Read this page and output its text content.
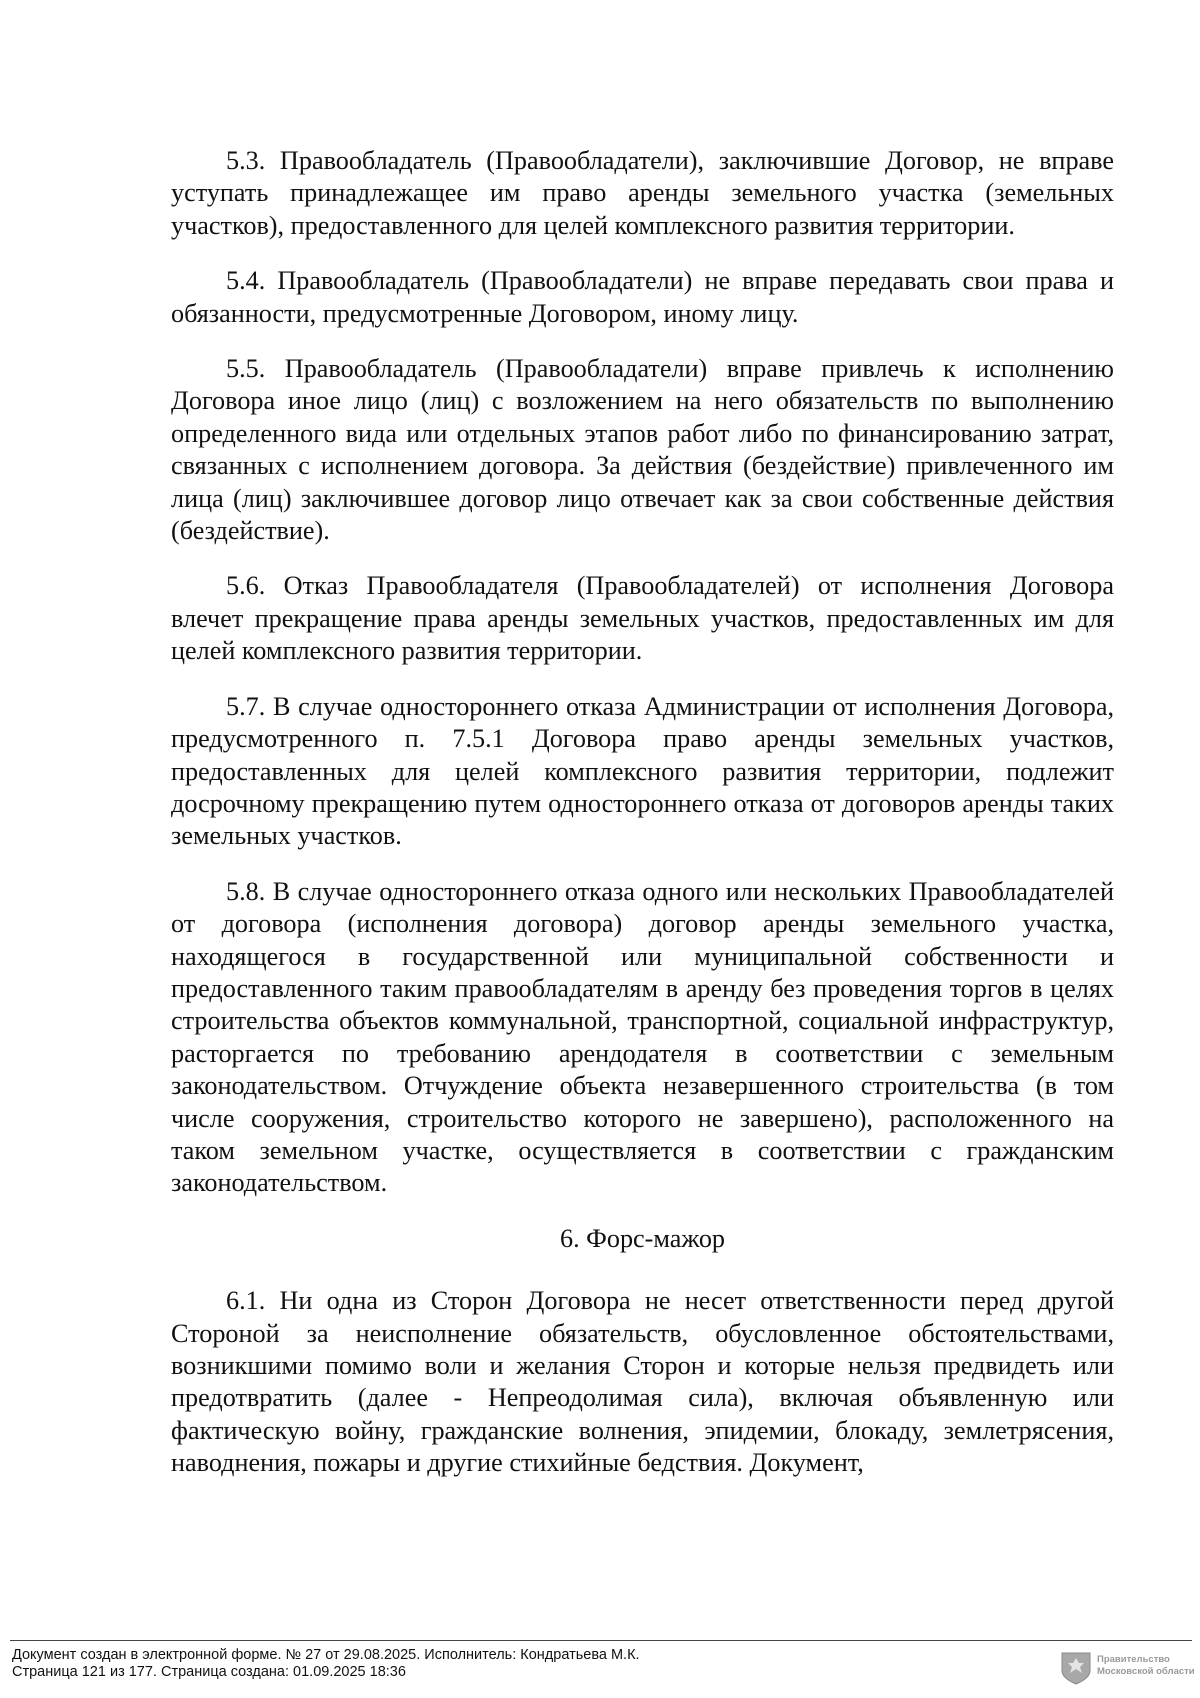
5.3. Правообладатель (Правообладатели), заключившие Договор, не вправе уступать принадлежащее им право аренды земельного участка (земельных участков), предоставленного для целей комплексного развития территории.

5.4. Правообладатель (Правообладатели) не вправе передавать свои права и обязанности, предусмотренные Договором, иному лицу.

5.5. Правообладатель (Правообладатели) вправе привлечь к исполнению Договора иное лицо (лиц) с возложением на него обязательств по выполнению определенного вида или отдельных этапов работ либо по финансированию затрат, связанных с исполнением договора. За действия (бездействие) привлеченного им лица (лиц) заключившее договор лицо отвечает как за свои собственные действия (бездействие).

5.6. Отказ Правообладателя (Правообладателей) от исполнения Договора влечет прекращение права аренды земельных участков, предоставленных им для целей комплексного развития территории.

5.7. В случае одностороннего отказа Администрации от исполнения Договора, предусмотренного п. 7.5.1 Договора право аренды земельных участков, предоставленных для целей комплексного развития территории, подлежит досрочному прекращению путем одностороннего отказа от договоров аренды таких земельных участков.

5.8. В случае одностороннего отказа одного или нескольких Правообладателей от договора (исполнения договора) договор аренды земельного участка, находящегося в государственной или муниципальной собственности и предоставленного таким правообладателям в аренду без проведения торгов в целях строительства объектов коммунальной, транспортной, социальной инфраструктур, расторгается по требованию арендодателя в соответствии с земельным законодательством. Отчуждение объекта незавершенного строительства (в том числе сооружения, строительство которого не завершено), расположенного на таком земельном участке, осуществляется в соответствии с гражданским законодательством.

6. Форс-мажор

6.1. Ни одна из Сторон Договора не несет ответственности перед другой Стороной за неисполнение обязательств, обусловленное обстоятельствами, возникшими помимо воли и желания Сторон и которые нельзя предвидеть или предотвратить (далее - Непреодолимая сила), включая объявленную или фактическую войну, гражданские волнения, эпидемии, блокаду, землетрясения, наводнения, пожары и другие стихийные бедствия. Документ,

Документ создан в электронной форме. № 27 от 29.08.2025. Исполнитель: Кондратьева М.К.
Страница 121 из 177. Страница создана: 01.09.2025 18:36
Правительство
Московской области
